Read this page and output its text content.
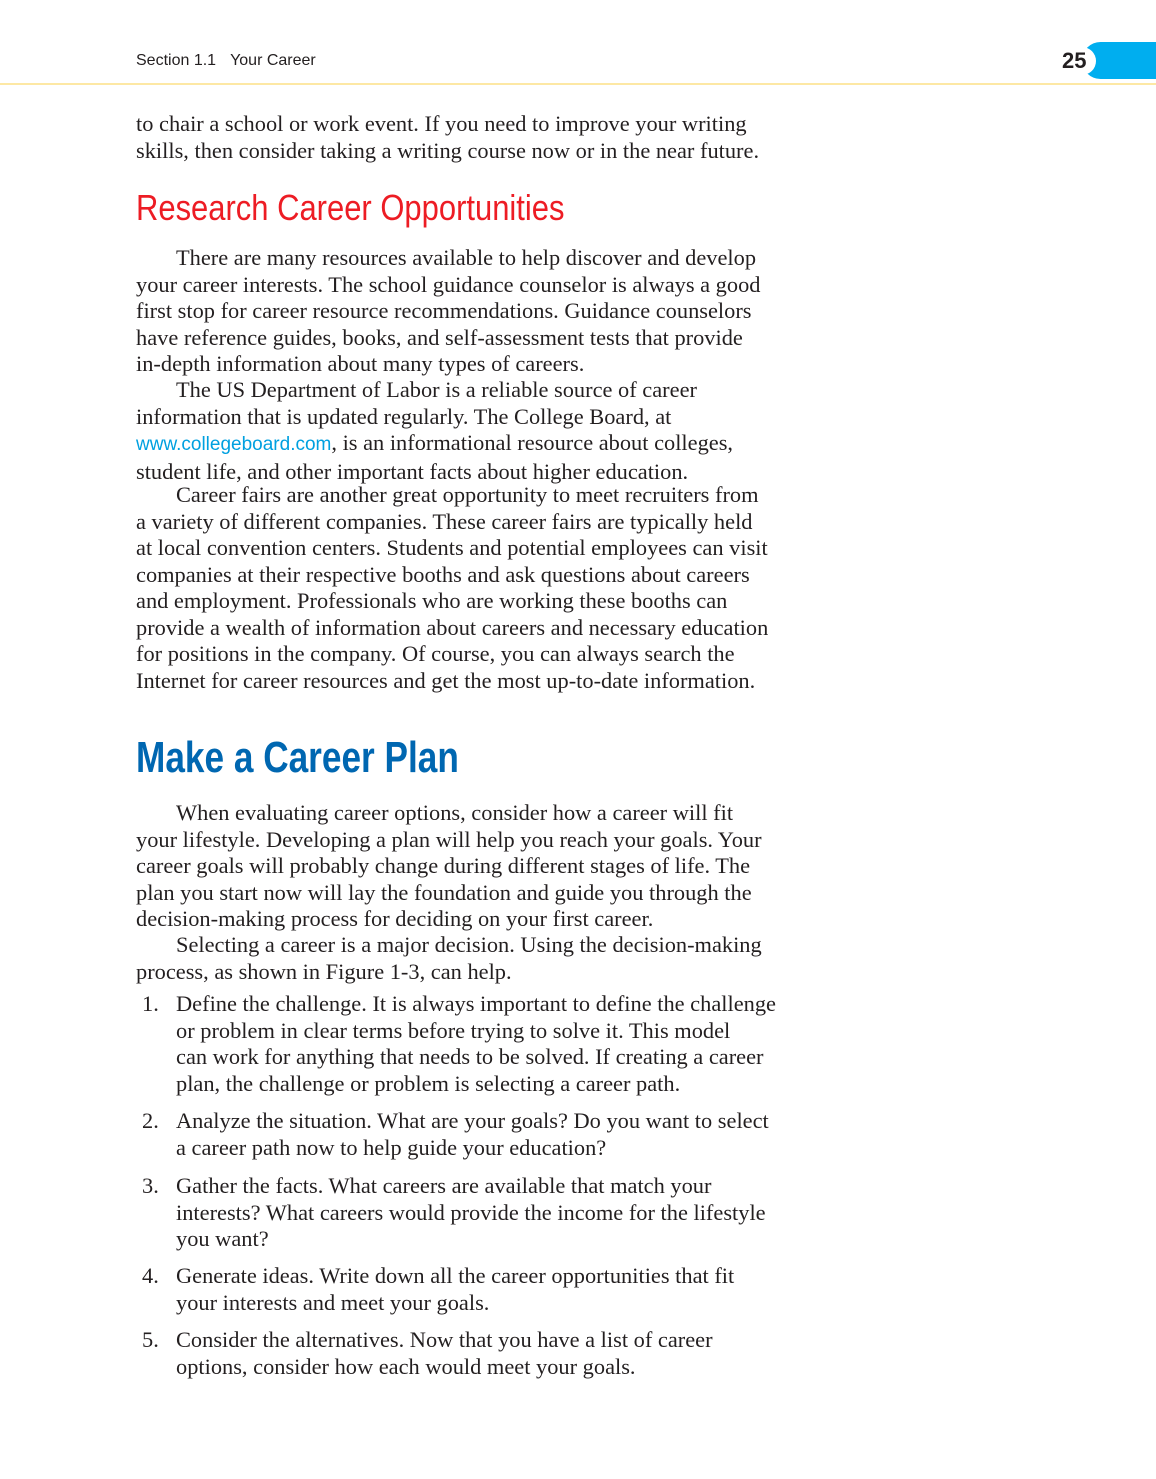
Section 1.1 Your Career	25
to chair a school or work event. If you need to improve your writing
skills, then consider taking a writing course now or in the near future.
Research Career Opportunities
There are many resources available to help discover and develop
your career interests. The school guidance counselor is always a good
first stop for career resource recommendations. Guidance counselors
have reference guides, books, and self-assessment tests that provide
in-depth information about many types of careers.
The US Department of Labor is a reliable source of career
information that is updated regularly. The College Board, at
www.collegeboard.com, is an informational resource about colleges,
student life, and other important facts about higher education.
Career fairs are another great opportunity to meet recruiters from
a variety of different companies. These career fairs are typically held
at local convention centers. Students and potential employees can visit
companies at their respective booths and ask questions about careers
and employment. Professionals who are working these booths can
provide a wealth of information about careers and necessary education
for positions in the company. Of course, you can always search the
Internet for career resources and get the most up-to-date information.
Make a Career Plan
When evaluating career options, consider how a career will fit
your lifestyle. Developing a plan will help you reach your goals. Your
career goals will probably change during different stages of life. The
plan you start now will lay the foundation and guide you through the
decision-making process for deciding on your first career.
Selecting a career is a major decision. Using the decision-making
process, as shown in Figure 1-3, can help.
1. Define the challenge. It is always important to define the challenge
or problem in clear terms before trying to solve it. This model
can work for anything that needs to be solved. If creating a career
plan, the challenge or problem is selecting a career path.
2. Analyze the situation. What are your goals? Do you want to select
a career path now to help guide your education?
3. Gather the facts. What careers are available that match your
interests? What careers would provide the income for the lifestyle
you want?
4. Generate ideas. Write down all the career opportunities that fit
your interests and meet your goals.
5. Consider the alternatives. Now that you have a list of career
options, consider how each would meet your goals.
